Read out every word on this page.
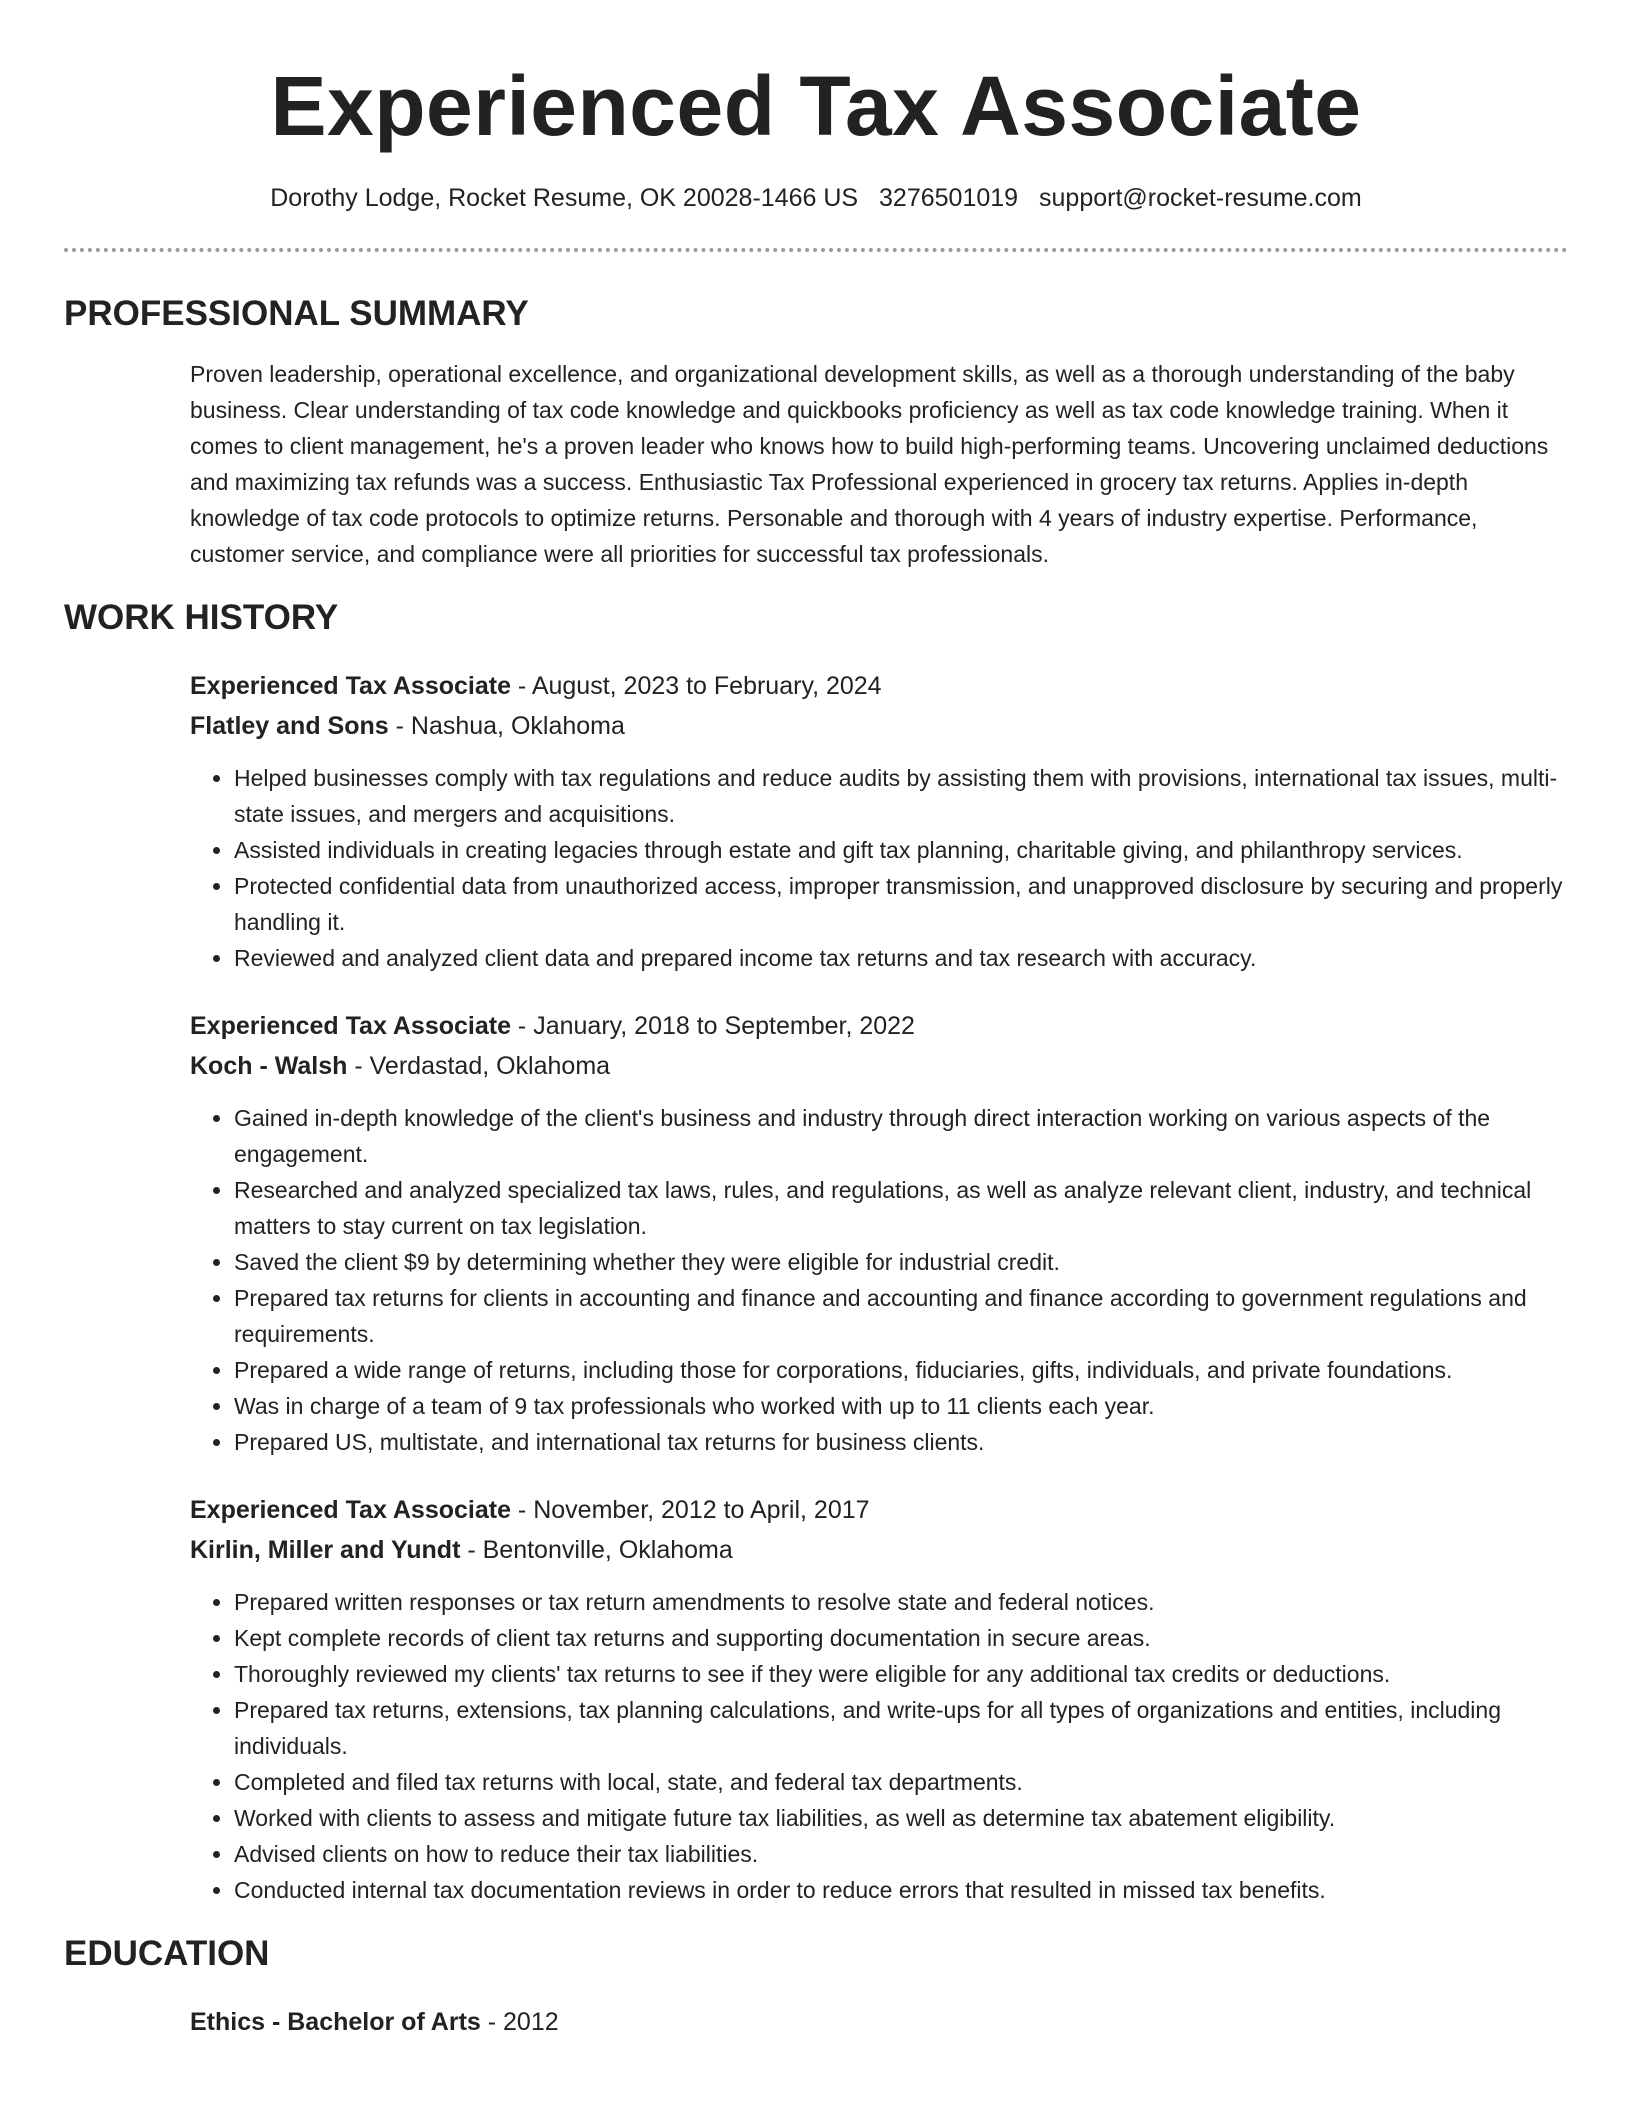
Experienced Tax Associate
Dorothy Lodge, Rocket Resume, OK 20028-1466 US 3276501019 support@rocket-resume.com
PROFESSIONAL SUMMARY

Proven leadership, operational excellence, and organizational development skills, as well as a thorough understanding of the baby business. Clear understanding of tax code knowledge and quickbooks proficiency as well as tax code knowledge training. When it comes to client management, he's a proven leader who knows how to build high-performing teams. Uncovering unclaimed deductions and maximizing tax refunds was a success. Enthusiastic Tax Professional experienced in grocery tax returns. Applies in-depth knowledge of tax code protocols to optimize returns. Personable and thorough with 4 years of industry expertise. Performance, customer service, and compliance were all priorities for successful tax professionals.

WORK HISTORY
Experienced Tax Associate - August, 2023 to February, 2024
Flatley and Sons - Nashua, Oklahoma
• Helped businesses comply with tax regulations and reduce audits by assisting them with provisions, international tax issues, multi-state issues, and mergers and acquisitions.
• Assisted individuals in creating legacies through estate and gift tax planning, charitable giving, and philanthropy services.
• Protected confidential data from unauthorized access, improper transmission, and unapproved disclosure by securing and properly handling it.
• Reviewed and analyzed client data and prepared income tax returns and tax research with accuracy.
Experienced Tax Associate - January, 2018 to September, 2022
Koch - Walsh - Verdastad, Oklahoma
• Gained in-depth knowledge of the client's business and industry through direct interaction working on various aspects of the engagement.
• Researched and analyzed specialized tax laws, rules, and regulations, as well as analyze relevant client, industry, and technical matters to stay current on tax legislation.
• Saved the client $9 by determining whether they were eligible for industrial credit.
• Prepared tax returns for clients in accounting and finance and accounting and finance according to government regulations and requirements.
• Prepared a wide range of returns, including those for corporations, fiduciaries, gifts, individuals, and private foundations.
• Was in charge of a team of 9 tax professionals who worked with up to 11 clients each year.
• Prepared US, multistate, and international tax returns for business clients.
Experienced Tax Associate - November, 2012 to April, 2017
Kirlin, Miller and Yundt - Bentonville, Oklahoma
• Prepared written responses or tax return amendments to resolve state and federal notices.
• Kept complete records of client tax returns and supporting documentation in secure areas.
• Thoroughly reviewed my clients' tax returns to see if they were eligible for any additional tax credits or deductions.
• Prepared tax returns, extensions, tax planning calculations, and write-ups for all types of organizations and entities, including individuals.
• Completed and filed tax returns with local, state, and federal tax departments.
• Worked with clients to assess and mitigate future tax liabilities, as well as determine tax abatement eligibility.
• Advised clients on how to reduce their tax liabilities.
• Conducted internal tax documentation reviews in order to reduce errors that resulted in missed tax benefits.
EDUCATION
Ethics - Bachelor of Arts - 2012
